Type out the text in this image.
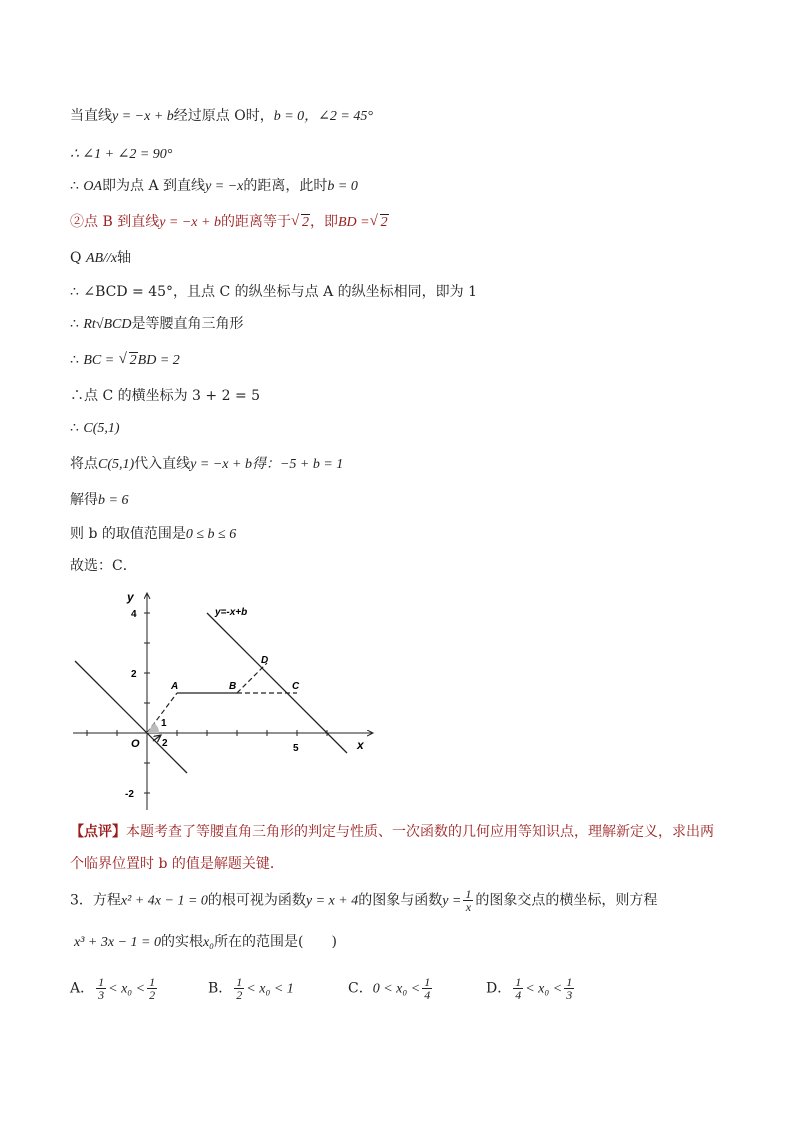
当直线y = −x + b经过原点 O时，b = 0，∠2 = 45°
∴ ∠1 + ∠2 = 90°
∴ OA即为点 A 到直线y = −x的距离，此时b = 0
②点 B 到直线y = −x + b的距离等于 √ 2，即BD = √ 2
Q AB//x轴
∴ ∠BCD = 45°，且点 C 的纵坐标与点 A 的纵坐标相同，即为 1
∴ Rt√BCD是等腰直角三角形
∴ BC = √ 2BD = 2
∴点 C 的横坐标为 3 + 2 = 5
∴ C(5,1)
将点C(5,1)代入直线y = −x + b得：−5 + b = 1
解得b = 6
则 b 的取值范围是0 ≤ b ≤ 6
故选：C．
y=-x+b
y
x
O
4
2
-2
5
A	B	C
D
1
2
【点评】本题考查了等腰直角三角形的判定与性质、一次函数的几何应用等知识点，理解新定义，求出两
个临界位置时 b 的值是解题关键．
3．方程x² + 4x − 1 = 0的根可视为函数y = x + 4的图象与函数$y = \frac{1}{x}$ 的图象交点的横坐标，则方程
x³ + 3x − 1 = 0的实根x₀所在的范围是(　　)
A． $\frac{1}{3} < x_0 < \frac{1}{2}$	B． $\frac{1}{2} < x_0 < 1$	C．$0 < x_0 < \frac{1}{4}$	D． $\frac{1}{4} < x_0 < \frac{1}{3}$
